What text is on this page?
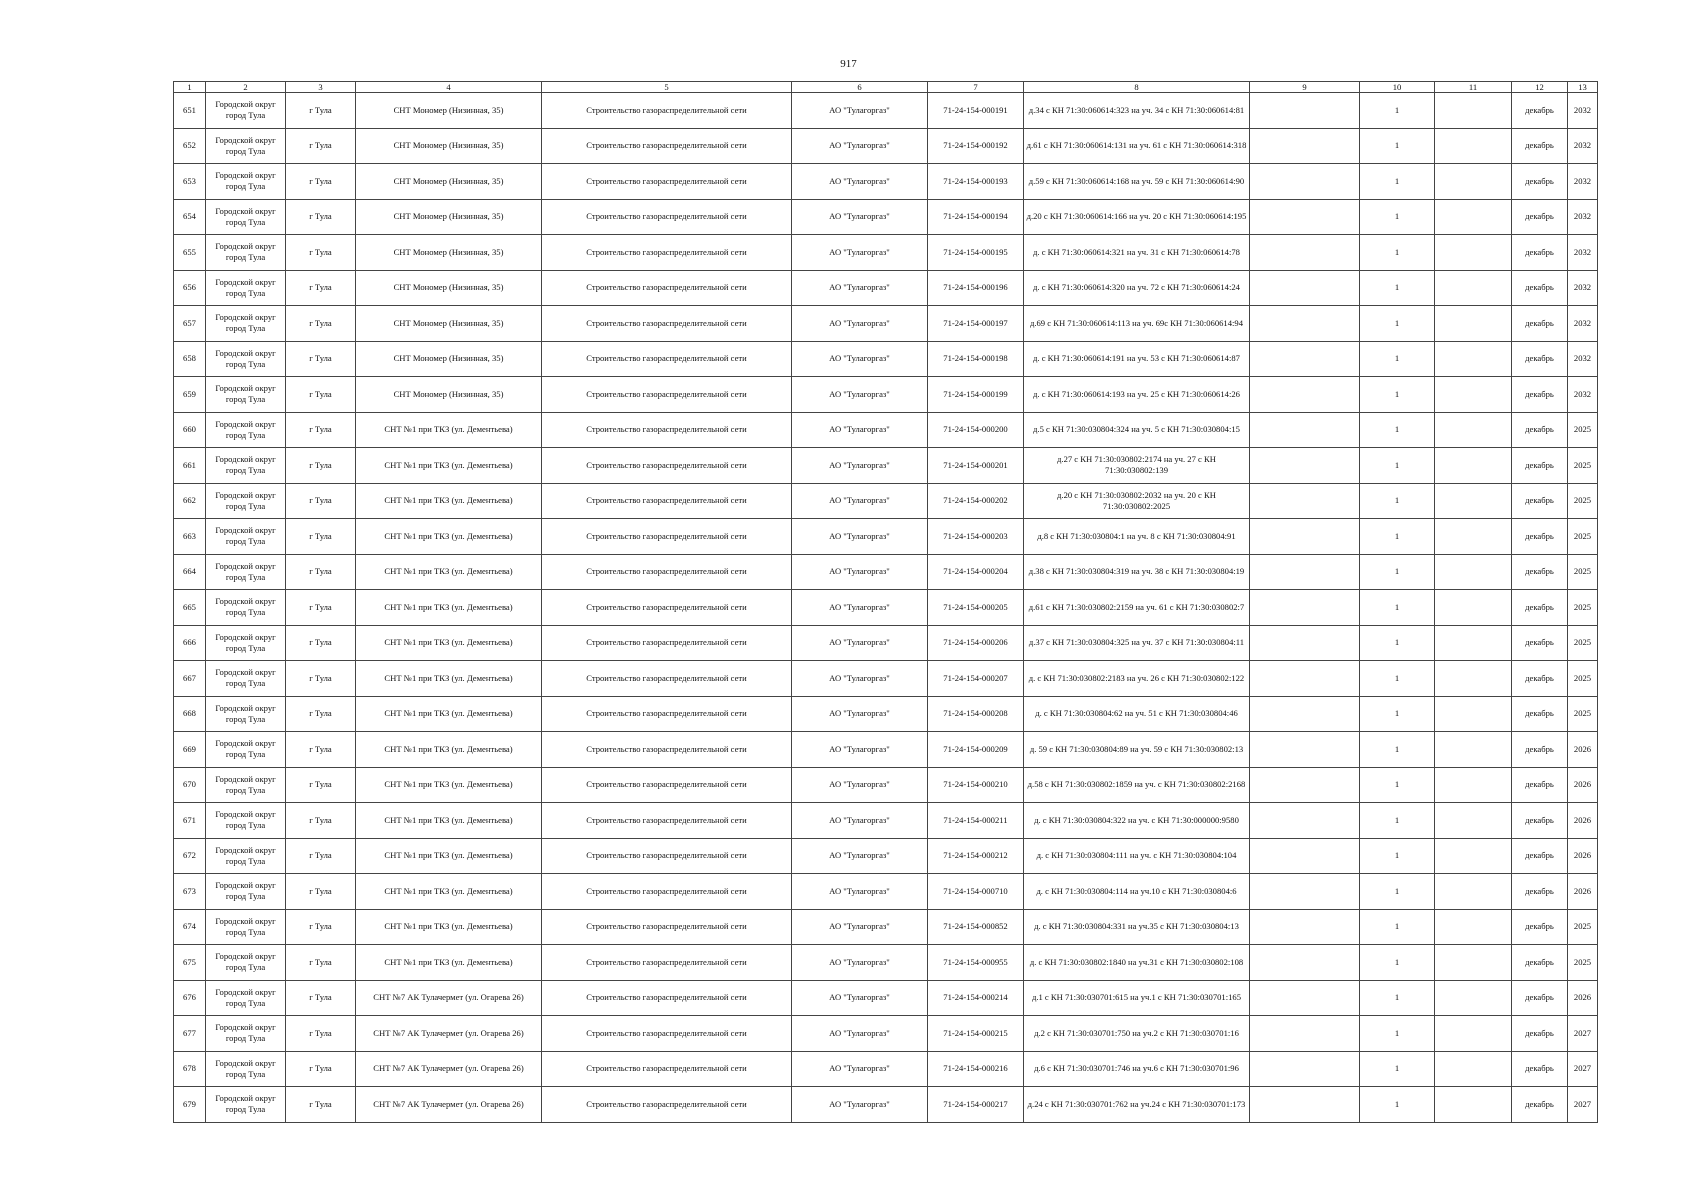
917
1	2	3	4	5	6	7	8	9	10	11	12	13
651	Городской округ город Тула	г Тула	СНТ Мономер (Низинная, 35)	Строительство газораспределительной сети	АО "Тулагоргаз"	71-24-154-000191	д.34 с КН 71:30:060614:323 на уч. 34 с КН 71:30:060614:81		1		декабрь	2032
652	Городской округ город Тула	г Тула	СНТ Мономер (Низинная, 35)	Строительство газораспределительной сети	АО "Тулагоргаз"	71-24-154-000192	д.61 с КН 71:30:060614:131 на уч. 61 с КН 71:30:060614:318		1		декабрь	2032
653	Городской округ город Тула	г Тула	СНТ Мономер (Низинная, 35)	Строительство газораспределительной сети	АО "Тулагоргаз"	71-24-154-000193	д.59 с КН 71:30:060614:168 на уч. 59 с КН 71:30:060614:90		1		декабрь	2032
654	Городской округ город Тула	г Тула	СНТ Мономер (Низинная, 35)	Строительство газораспределительной сети	АО "Тулагоргаз"	71-24-154-000194	д.20 с КН 71:30:060614:166 на уч. 20 с КН 71:30:060614:195		1		декабрь	2032
655	Городской округ город Тула	г Тула	СНТ Мономер (Низинная, 35)	Строительство газораспределительной сети	АО "Тулагоргаз"	71-24-154-000195	д. с КН 71:30:060614:321 на уч. 31 с КН 71:30:060614:78		1		декабрь	2032
656	Городской округ город Тула	г Тула	СНТ Мономер (Низинная, 35)	Строительство газораспределительной сети	АО "Тулагоргаз"	71-24-154-000196	д. с КН 71:30:060614:320 на уч. 72 с КН 71:30:060614:24		1		декабрь	2032
657	Городской округ город Тула	г Тула	СНТ Мономер (Низинная, 35)	Строительство газораспределительной сети	АО "Тулагоргаз"	71-24-154-000197	д.69 с КН 71:30:060614:113 на уч. 69с КН 71:30:060614:94		1		декабрь	2032
658	Городской округ город Тула	г Тула	СНТ Мономер (Низинная, 35)	Строительство газораспределительной сети	АО "Тулагоргаз"	71-24-154-000198	д. с КН 71:30:060614:191 на уч. 53 с КН 71:30:060614:87		1		декабрь	2032
659	Городской округ город Тула	г Тула	СНТ Мономер (Низинная, 35)	Строительство газораспределительной сети	АО "Тулагоргаз"	71-24-154-000199	д. с КН 71:30:060614:193 на уч. 25 с КН 71:30:060614:26		1		декабрь	2032
660	Городской округ город Тула	г Тула	СНТ №1 при ТКЗ (ул. Дементьева)	Строительство газораспределительной сети	АО "Тулагоргаз"	71-24-154-000200	д.5 с КН 71:30:030804:324 на уч. 5 с КН 71:30:030804:15		1		декабрь	2025
661	Городской округ город Тула	г Тула	СНТ №1 при ТКЗ (ул. Дементьева)	Строительство газораспределительной сети	АО "Тулагоргаз"	71-24-154-000201	д.27 с КН 71:30:030802:2174 на уч. 27 с КН 71:30:030802:139		1		декабрь	2025
662	Городской округ город Тула	г Тула	СНТ №1 при ТКЗ (ул. Дементьева)	Строительство газораспределительной сети	АО "Тулагоргаз"	71-24-154-000202	д.20 с КН 71:30:030802:2032 на уч. 20 с КН 71:30:030802:2025		1		декабрь	2025
663	Городской округ город Тула	г Тула	СНТ №1 при ТКЗ (ул. Дементьева)	Строительство газораспределительной сети	АО "Тулагоргаз"	71-24-154-000203	д.8 с КН 71:30:030804:1 на уч. 8 с КН 71:30:030804:91		1		декабрь	2025
664	Городской округ город Тула	г Тула	СНТ №1 при ТКЗ (ул. Дементьева)	Строительство газораспределительной сети	АО "Тулагоргаз"	71-24-154-000204	д.38 с КН 71:30:030804:319 на уч. 38 с КН 71:30:030804:19		1		декабрь	2025
665	Городской округ город Тула	г Тула	СНТ №1 при ТКЗ (ул. Дементьева)	Строительство газораспределительной сети	АО "Тулагоргаз"	71-24-154-000205	д.61 с КН 71:30:030802:2159 на уч. 61 с КН 71:30:030802:7		1		декабрь	2025
666	Городской округ город Тула	г Тула	СНТ №1 при ТКЗ (ул. Дементьева)	Строительство газораспределительной сети	АО "Тулагоргаз"	71-24-154-000206	д.37 с КН 71:30:030804:325 на уч. 37 с КН 71:30:030804:11		1		декабрь	2025
667	Городской округ город Тула	г Тула	СНТ №1 при ТКЗ (ул. Дементьева)	Строительство газораспределительной сети	АО "Тулагоргаз"	71-24-154-000207	д. с КН 71:30:030802:2183 на уч. 26 с КН 71:30:030802:122		1		декабрь	2025
668	Городской округ город Тула	г Тула	СНТ №1 при ТКЗ (ул. Дементьева)	Строительство газораспределительной сети	АО "Тулагоргаз"	71-24-154-000208	д. с КН 71:30:030804:62 на уч. 51 с КН 71:30:030804:46		1		декабрь	2025
669	Городской округ город Тула	г Тула	СНТ №1 при ТКЗ (ул. Дементьева)	Строительство газораспределительной сети	АО "Тулагоргаз"	71-24-154-000209	д. 59 с КН 71:30:030804:89 на уч. 59 с КН 71:30:030802:13		1		декабрь	2026
670	Городской округ город Тула	г Тула	СНТ №1 при ТКЗ (ул. Дементьева)	Строительство газораспределительной сети	АО "Тулагоргаз"	71-24-154-000210	д.58 с КН 71:30:030802:1859 на уч. с КН 71:30:030802:2168		1		декабрь	2026
671	Городской округ город Тула	г Тула	СНТ №1 при ТКЗ (ул. Дементьева)	Строительство газораспределительной сети	АО "Тулагоргаз"	71-24-154-000211	д. с КН 71:30:030804:322 на уч. с КН 71:30:000000:9580		1		декабрь	2026
672	Городской округ город Тула	г Тула	СНТ №1 при ТКЗ (ул. Дементьева)	Строительство газораспределительной сети	АО "Тулагоргаз"	71-24-154-000212	д. с КН 71:30:030804:111 на уч. с КН 71:30:030804:104		1		декабрь	2026
673	Городской округ город Тула	г Тула	СНТ №1 при ТКЗ (ул. Дементьева)	Строительство газораспределительной сети	АО "Тулагоргаз"	71-24-154-000710	д. с КН 71:30:030804:114 на уч.10 с КН 71:30:030804:6		1		декабрь	2026
674	Городской округ город Тула	г Тула	СНТ №1 при ТКЗ (ул. Дементьева)	Строительство газораспределительной сети	АО "Тулагоргаз"	71-24-154-000852	д. с КН 71:30:030804:331 на уч.35 с КН 71:30:030804:13		1		декабрь	2025
675	Городской округ город Тула	г Тула	СНТ №1 при ТКЗ (ул. Дементьева)	Строительство газораспределительной сети	АО "Тулагоргаз"	71-24-154-000955	д. с КН 71:30:030802:1840 на уч.31 с КН 71:30:030802:108		1		декабрь	2025
676	Городской округ город Тула	г Тула	СНТ №7 АК Тулачермет (ул. Огарева 26)	Строительство газораспределительной сети	АО "Тулагоргаз"	71-24-154-000214	д.1 с КН 71:30:030701:615 на уч.1 с КН 71:30:030701:165		1		декабрь	2026
677	Городской округ город Тула	г Тула	СНТ №7 АК Тулачермет (ул. Огарева 26)	Строительство газораспределительной сети	АО "Тулагоргаз"	71-24-154-000215	д.2 с КН 71:30:030701:750 на уч.2 с КН 71:30:030701:16		1		декабрь	2027
678	Городской округ город Тула	г Тула	СНТ №7 АК Тулачермет (ул. Огарева 26)	Строительство газораспределительной сети	АО "Тулагоргаз"	71-24-154-000216	д.6 с КН 71:30:030701:746 на уч.6 с КН 71:30:030701:96		1		декабрь	2027
679	Городской округ город Тула	г Тула	СНТ №7 АК Тулачермет (ул. Огарева 26)	Строительство газораспределительной сети	АО "Тулагоргаз"	71-24-154-000217	д.24 с КН 71:30:030701:762 на уч.24 с КН 71:30:030701:173		1		декабрь	2027
